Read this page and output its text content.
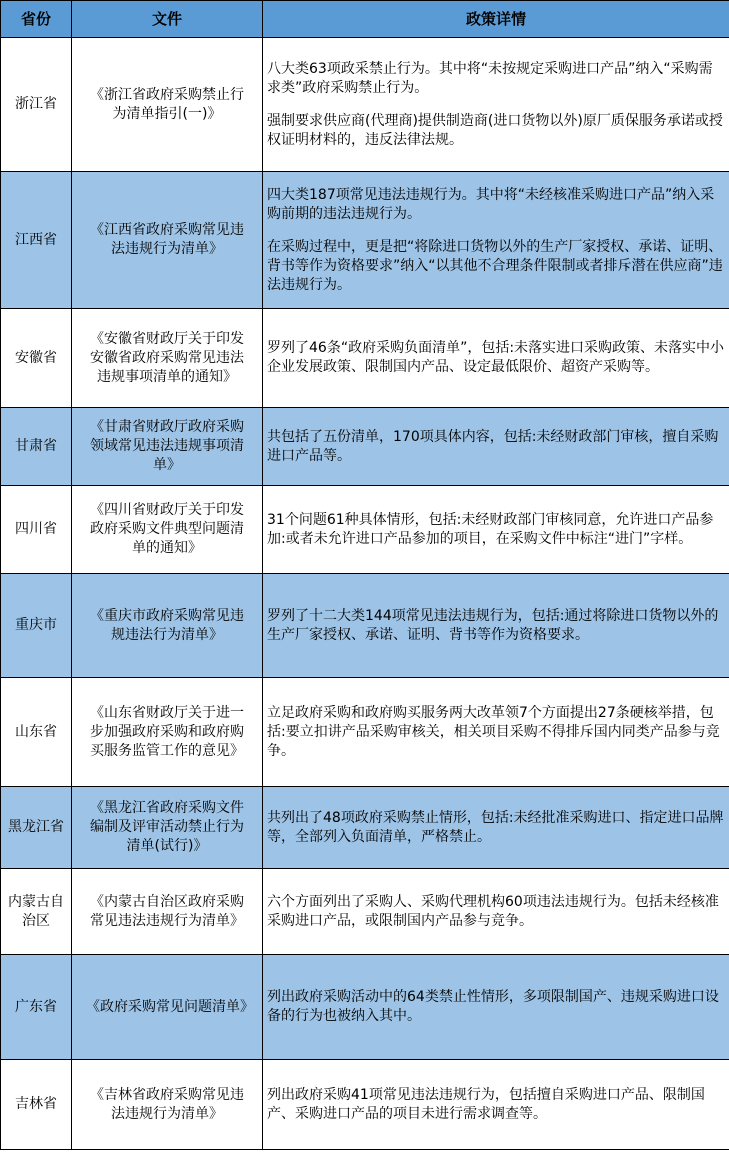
省份	文件	政策详情
浙江省	《浙江省政府采购禁止行为清单指引(一)》	八大类63项政采禁止行为。其中将“未按规定采购进口产品”纳入“采购需求类”政府采购禁止行为。

强制要求供应商(代理商)提供制造商(进口货物以外)原厂质保服务承诺或授权证明材料的，违反法律法规。

江西省	《江西省政府采购常见违法违规行为清单》	四大类187项常见违法违规行为。其中将“未经核准采购进口产品”纳入采购前期的违法违规行为。

在采购过程中，更是把“将除进口货物以外的生产厂家授权、承诺、证明、背书等作为资格要求”纳入“以其他不合理条件限制或者排斥潜在供应商”违法违规行为。

安徽省	《安徽省财政厅关于印发安徽省政府采购常见违法违规事项清单的通知》	罗列了46条“政府采购负面清单”，包括:未落实进口采购政策、未落实中小企业发展政策、限制国内产品、设定最低限价、超资产采购等。

甘肃省	《甘肃省财政厅政府采购领域常见违法违规事项清单》	共包括了五份清单，170项具体内容，包括:未经财政部门审核，擅自采购进口产品等。

四川省	《四川省财政厅关于印发政府采购文件典型问题清单的通知》	31个问题61种具体情形，包括:未经财政部门审核同意，允许进口产品参加:或者未允许进口产品参加的项目，在采购文件中标注“进门”字样。

重庆市	《重庆市政府采购常见违规违法行为清单》	罗列了十二大类144项常见违法违规行为，包括:通过将除进口货物以外的生产厂家授权、承诺、证明、背书等作为资格要求。

山东省	《山东省财政厅关于进一步加强政府采购和政府购买服务监管工作的意见》	立足政府采购和政府购买服务两大改革领7个方面提出27条硬核举措，包括:要立扣讲产品采购审核关，相关项目采购不得排斥国内同类产品参与竞争。

黑龙江省	《黑龙江省政府采购文件编制及评审活动禁止行为清单(试行)》	共列出了48项政府采购禁止情形，包括:未经批准采购进口、指定进口品牌等，全部列入负面清单，严格禁止。

内蒙古自治区	《内蒙古自治区政府采购常见违法违规行为清单》	六个方面列出了采购人、采购代理机构60项违法违规行为。包括未经核准采购进口产品，或限制国内产品参与竞争。

广东省	《政府采购常见问题清单》	列出政府采购活动中的64类禁止性情形，多项限制国产、违规采购进口设备的行为也被纳入其中。

吉林省	《吉林省政府采购常见违法违规行为清单》	列出政府采购41项常见违法违规行为，包括擅自采购进口产品、限制国产、采购进口产品的项目未进行需求调查等。
